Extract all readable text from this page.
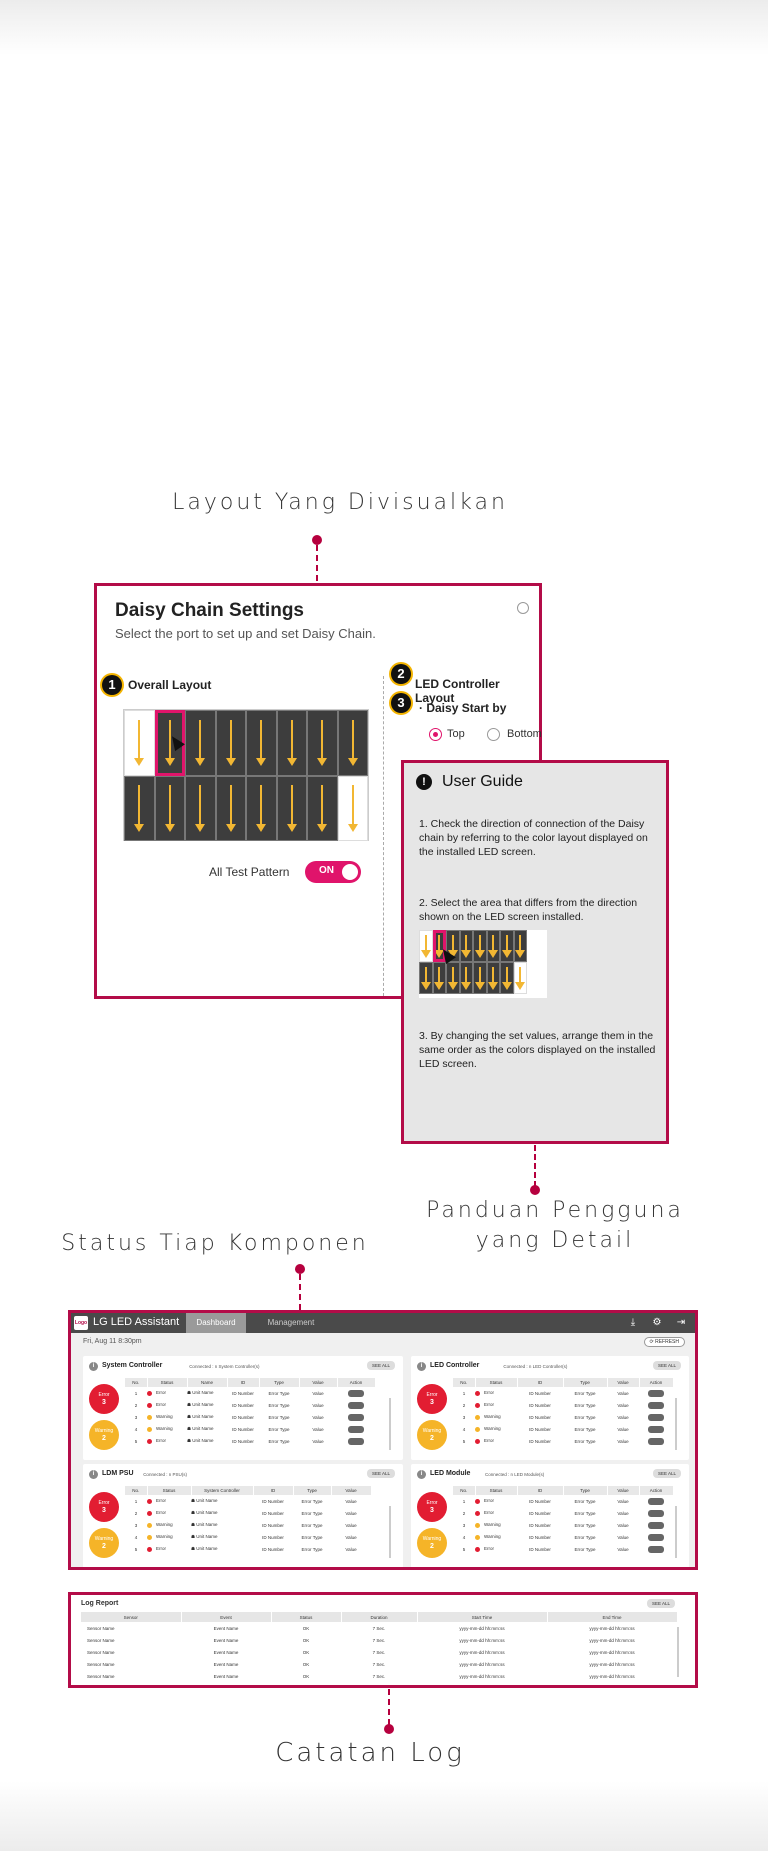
Layout Yang Divisualkan
Daisy Chain Settings
Select the port to set up and set Daisy Chain.
1 Overall Layout
All Test Pattern	ON
2
LED Controller Layout
3	· Daisy Start by
Top	Bottom
! User Guide
1. Check the direction of connection of the Daisy chain by referring to the color layout displayed on the installed LED screen.
2. Select the area that differs from the direction shown on the LED screen installed.
3. By changing the set values, arrange them in the same order as the colors displayed on the installed LED screen.
Panduan Pengguna
yang Detail
Status Tiap Komponen
Logo LG LED Assistant	Dashboard	Management	⤓	⚙ ⇥
Fri, Aug 11 8:30pm	⟳ REFRESH
i System Controller	Connected : n System Controller(s)	SEE ALL
Error
3
Warning
2
No.	Status	Name	ID	Type	Value	Action
1	Error	☗ Unit Name	ID Number	Error Type	Value	
2	Error	☗ Unit Name	ID Number	Error Type	Value	
3	Warning	☗ Unit Name	ID Number	Error Type	Value	
4	Warning	☗ Unit Name	ID Number	Error Type	Value	
5	Error	☗ Unit Name	ID Number	Error Type	Value	
i LED Controller	Connected : n LED Controller(s)	SEE ALL
Error
3
Warning
2
No.	Status	ID	Type	Value	Action
1	Error	ID Number	Error Type	Value	
2	Error	ID Number	Error Type	Value	
3	Warning	ID Number	Error Type	Value	
4	Warning	ID Number	Error Type	Value	
5	Error	ID Number	Error Type	Value	
i LDM PSU Connected : n PSU(s)	SEE ALL
Error
3
Warning
2
No.	Status	System Controller	ID	Type	Value
1	Error	☗ Unit Name	ID Number	Error Type	Value
2	Error	☗ Unit Name	ID Number	Error Type	Value
3	Warning	☗ Unit Name	ID Number	Error Type	Value
4	Warning	☗ Unit Name	ID Number	Error Type	Value
5	Error	☗ Unit Name	ID Number	Error Type	Value
i LED Module	Connected : n LED Module(s)	SEE ALL
Error
3
Warning
2
No.	Status	ID	Type	Value	Action
1	Error	ID Number	Error Type	Value	
2	Error	ID Number	Error Type	Value	
3	Warning	ID Number	Error Type	Value	
4	Warning	ID Number	Error Type	Value	
5	Error	ID Number	Error Type	Value	
Log Report	SEE ALL
Sensor	Event	Status	Duration	Start Time	End Time
Sensor Name	Event Name	OK	7 Sec.	yyyy-mm-dd hh:mm:ss	yyyy-mm-dd hh:mm:ss
Sensor Name	Event Name	OK	7 Sec.	yyyy-mm-dd hh:mm:ss	yyyy-mm-dd hh:mm:ss
Sensor Name	Event Name	OK	7 Sec.	yyyy-mm-dd hh:mm:ss	yyyy-mm-dd hh:mm:ss
Sensor Name	Event Name	OK	7 Sec.	yyyy-mm-dd hh:mm:ss	yyyy-mm-dd hh:mm:ss
Sensor Name	Event Name	OK	7 Sec.	yyyy-mm-dd hh:mm:ss	yyyy-mm-dd hh:mm:ss
Catatan Log
